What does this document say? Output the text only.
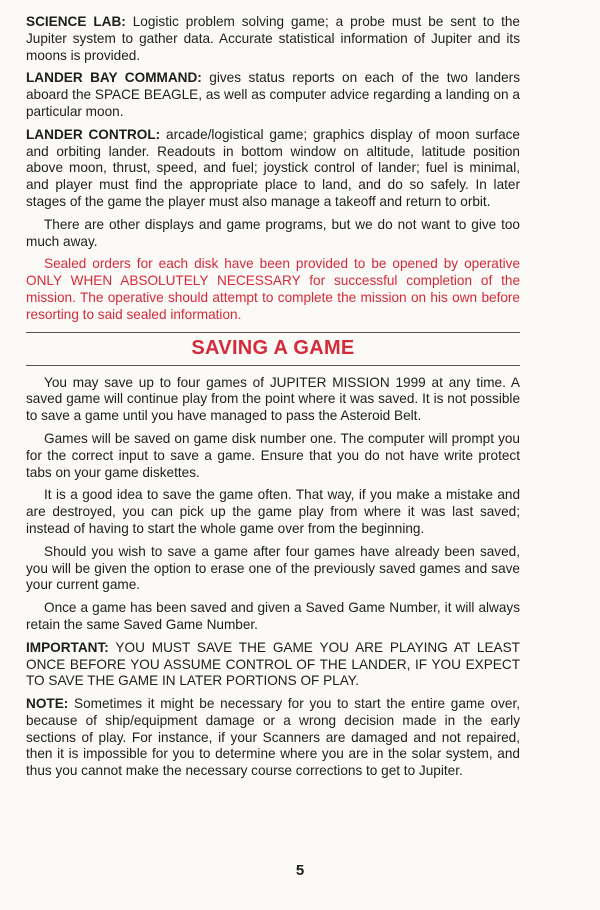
SCIENCE LAB: Logistic problem solving game; a probe must be sent to the Jupiter system to gather data. Accurate statistical information of Jupiter and its moons is provided.

LANDER BAY COMMAND: gives status reports on each of the two landers aboard the SPACE BEAGLE, as well as computer advice regarding a landing on a particular moon.

LANDER CONTROL: arcade/logistical game; graphics display of moon surface and orbiting lander. Readouts in bottom window on altitude, latitude position above moon, thrust, speed, and fuel; joystick control of lander; fuel is minimal, and player must find the appropriate place to land, and do so safely. In later stages of the game the player must also manage a takeoff and return to orbit.

There are other displays and game programs, but we do not want to give too much away.

Sealed orders for each disk have been provided to be opened by operative ONLY WHEN ABSOLUTELY NECESSARY for successful completion of the mission. The operative should attempt to complete the mission on his own before resorting to said sealed information.

SAVING A GAME

You may save up to four games of JUPITER MISSION 1999 at any time. A saved game will continue play from the point where it was saved. It is not possible to save a game until you have managed to pass the Asteroid Belt.

Games will be saved on game disk number one. The computer will prompt you for the correct input to save a game. Ensure that you do not have write protect tabs on your game diskettes.

It is a good idea to save the game often. That way, if you make a mistake and are destroyed, you can pick up the game play from where it was last saved; instead of having to start the whole game over from the beginning.

Should you wish to save a game after four games have already been saved, you will be given the option to erase one of the previously saved games and save your current game.

Once a game has been saved and given a Saved Game Number, it will always retain the same Saved Game Number.

IMPORTANT: YOU MUST SAVE THE GAME YOU ARE PLAYING AT LEAST ONCE BEFORE YOU ASSUME CONTROL OF THE LANDER, IF YOU EXPECT TO SAVE THE GAME IN LATER PORTIONS OF PLAY.

NOTE: Sometimes it might be necessary for you to start the entire game over, because of ship/equipment damage or a wrong decision made in the early sections of play. For instance, if your Scanners are damaged and not repaired, then it is impossible for you to determine where you are in the solar system, and thus you cannot make the necessary course corrections to get to Jupiter.

5
